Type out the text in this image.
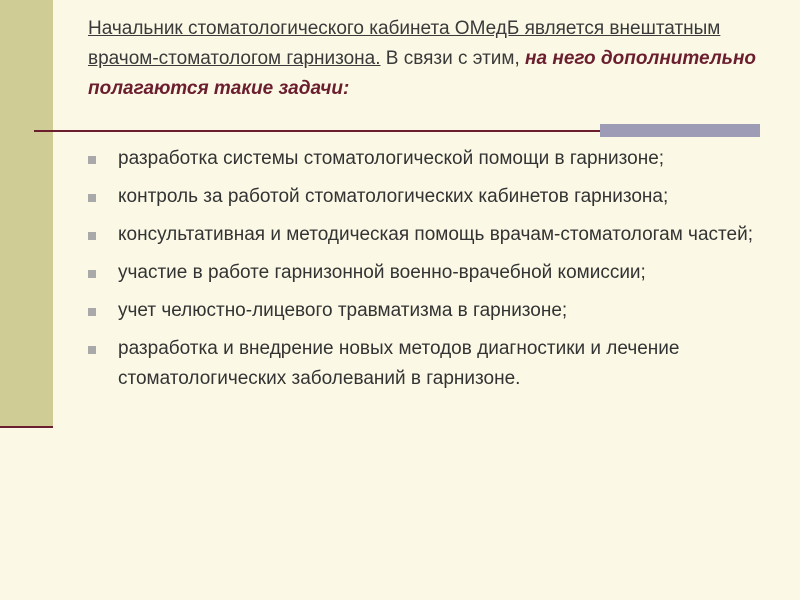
Начальник стоматологического кабинета ОМедБ является внештатным врачом-стоматологом гарнизона. В связи с этим, на него дополнительно полагаются такие задачи:

разработка системы стоматологической помощи в гарнизоне;
контроль за работой стоматологических кабинетов гарнизона;
консультативная и методическая помощь врачам-стоматологам частей;
участие в работе гарнизонной военно-врачебной комиссии;
учет челюстно-лицевого травматизма в гарнизоне;
разработка и внедрение новых методов диагностики и лечение стоматологических заболеваний в гарнизоне.
